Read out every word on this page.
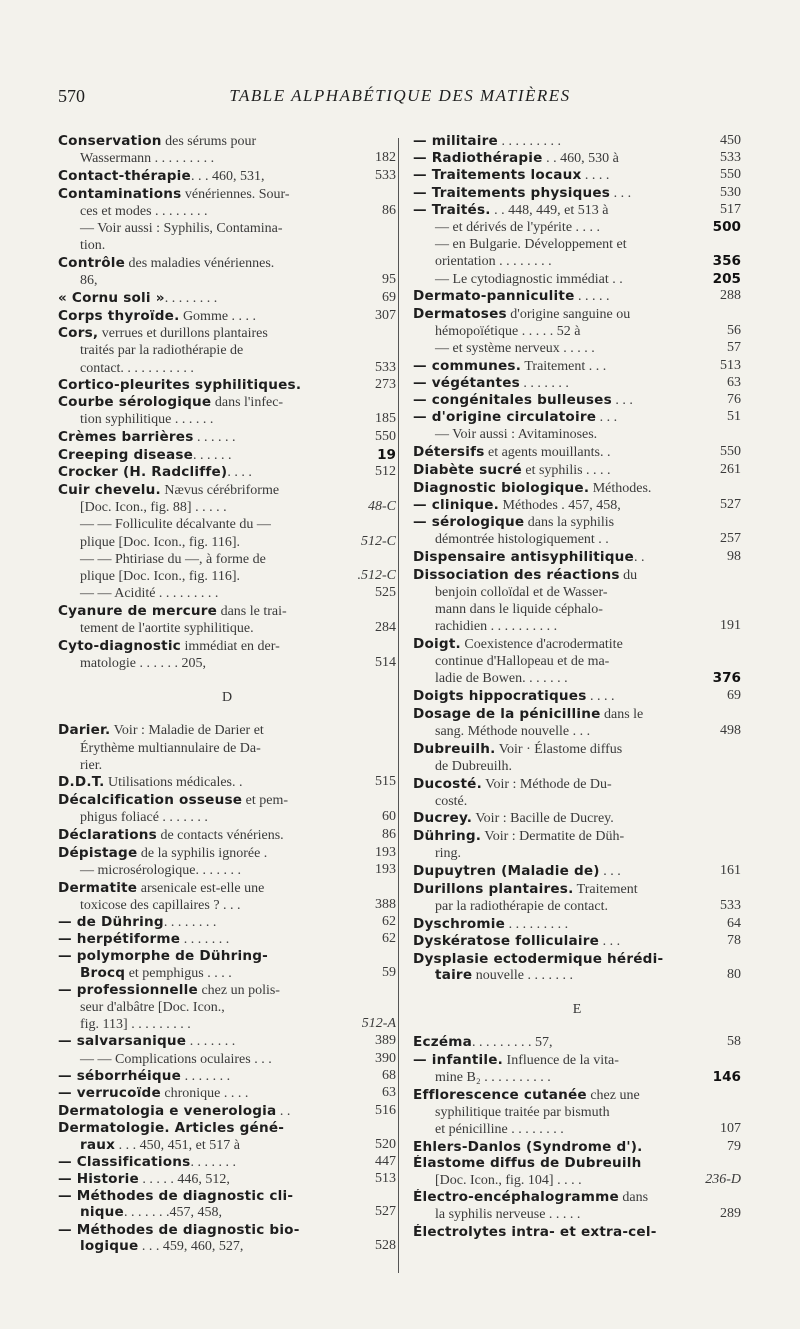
570	TABLE ALPHABÉTIQUE DES MATIÈRES
Conservation des sérums pour
Wassermann . . . . . . . . .	182
Contact-thérapie. . . 460, 531,	533
Contaminations vénériennes. Sour-
ces et modes . . . . . . . .	86
— Voir aussi : Syphilis, Contamina-
tion.
Contrôle des maladies vénériennes.
86,	95
« Cornu soli ». . . . . . . .	69
Corps thyroïde. Gomme . . . .	307
Cors, verrues et durillons plantaires
traités par la radiothérapie de
contact. . . . . . . . . . .	533
Cortico-pleurites syphilitiques.	273
Courbe sérologique dans l'infec-
tion syphilitique . . . . . .	185
Crèmes barrières . . . . . .	550
Creeping disease. . . . . .	19
Crocker (H. Radcliffe). . . .	512
Cuir chevelu. Nævus cérébriforme
[Doc. Icon., fig. 88] . . . . .	48-C
— — Folliculite décalvante du —
plique [Doc. Icon., fig. 116].	512-C
— — Phtiriase du —, à forme de
plique [Doc. Icon., fig. 116].	.512-C
— — Acidité . . . . . . . . .	525
Cyanure de mercure dans le trai-
tement de l'aortite syphilitique.	284
Cyto-diagnostic immédiat en der-
matologie . . . . . . 205,	514
D
Darier. Voir : Maladie de Darier et
Érythème multiannulaire de Da-
rier.
D.D.T. Utilisations médicales. .	515
Décalcification osseuse et pem-
phigus foliacé . . . . . . .	60
Déclarations de contacts vénériens.	86
Dépistage de la syphilis ignorée .	193
— microsérologique. . . . . . .	193
Dermatite arsenicale est-elle une
toxicose des capillaires ? . . .	388
— de Dühring. . . . . . . .	62
— herpétiforme . . . . . . .	62
— polymorphe de Dühring-
Brocq et pemphigus . . . .	59
— professionnelle chez un polis-
seur d'albâtre [Doc. Icon.,
fig. 113] . . . . . . . . .	512-A
— salvarsanique . . . . . . .	389
— — Complications oculaires . . .	390
— séborrhéique . . . . . . .	68
— verrucoïde chronique . . . .	63
Dermatologia e venerologia . .	516
Dermatologie. Articles géné-
raux . . . 450, 451, et 517 à	520
— Classifications. . . . . . .	447
— Historie . . . . . 446, 512,	513
— Méthodes de diagnostic cli-
nique. . . . . . .457, 458,	527
— Méthodes de diagnostic bio-
logique . . . 459, 460, 527,	528
— militaire . . . . . . . . .	450
— Radiothérapie . . 460, 530 à	533
— Traitements locaux . . . .	550
— Traitements physiques . . .	530
— Traités. . . 448, 449, et 513 à	517
— et dérivés de l'ypérite . . . .	500
— en Bulgarie. Développement et
orientation . . . . . . . .	356
— Le cytodiagnostic immédiat . .	205
Dermato-panniculite . . . . .	288
Dermatoses d'origine sanguine ou
hémopoïétique . . . . . 52 à	56
— et système nerveux . . . . .	57
— communes. Traitement . . .	513
— végétantes . . . . . . .	63
— congénitales bulleuses . . .	76
— d'origine circulatoire . . .	51
— Voir aussi : Avitaminoses.
Détersifs et agents mouillants. .	550
Diabète sucré et syphilis . . . .	261
Diagnostic biologique. Méthodes.
— clinique. Méthodes . 457, 458,	527
— sérologique dans la syphilis
démontrée histologiquement . .	257
Dispensaire antisyphilitique. .	98
Dissociation des réactions du
benjoin colloïdal et de Wasser-
mann dans le liquide céphalo-
rachidien . . . . . . . . . .	191
Doigt. Coexistence d'acrodermatite
continue d'Hallopeau et de ma-
ladie de Bowen. . . . . . .	376
Doigts hippocratiques . . . .	69
Dosage de la pénicilline dans le
sang. Méthode nouvelle . . .	498
Dubreuilh. Voir · Élastome diffus
de Dubreuilh.
Ducosté. Voir : Méthode de Du-
costé.
Ducrey. Voir : Bacille de Ducrey.
Dühring. Voir : Dermatite de Düh-
ring.
Dupuytren (Maladie de) . . .	161
Durillons plantaires. Traitement
par la radiothérapie de contact.	533
Dyschromie . . . . . . . . .	64
Dyskératose folliculaire . . .	78
Dysplasie ectodermique hérédi-
taire nouvelle . . . . . . .	80
E
Eczéma. . . . . . . . . 57,	58
— infantile. Influence de la vita-
mine B₂ . . . . . . . . . .	146
Efflorescence cutanée chez une
syphilitique traitée par bismuth
et pénicilline . . . . . . . .	107
Ehlers-Danlos (Syndrome d').	79
Élastome diffus de Dubreuilh
[Doc. Icon., fig. 104] . . . .	236-D
Électro-encéphalogramme dans
la syphilis nerveuse . . . . .	289
Électrolytes intra- et extra-cel-
